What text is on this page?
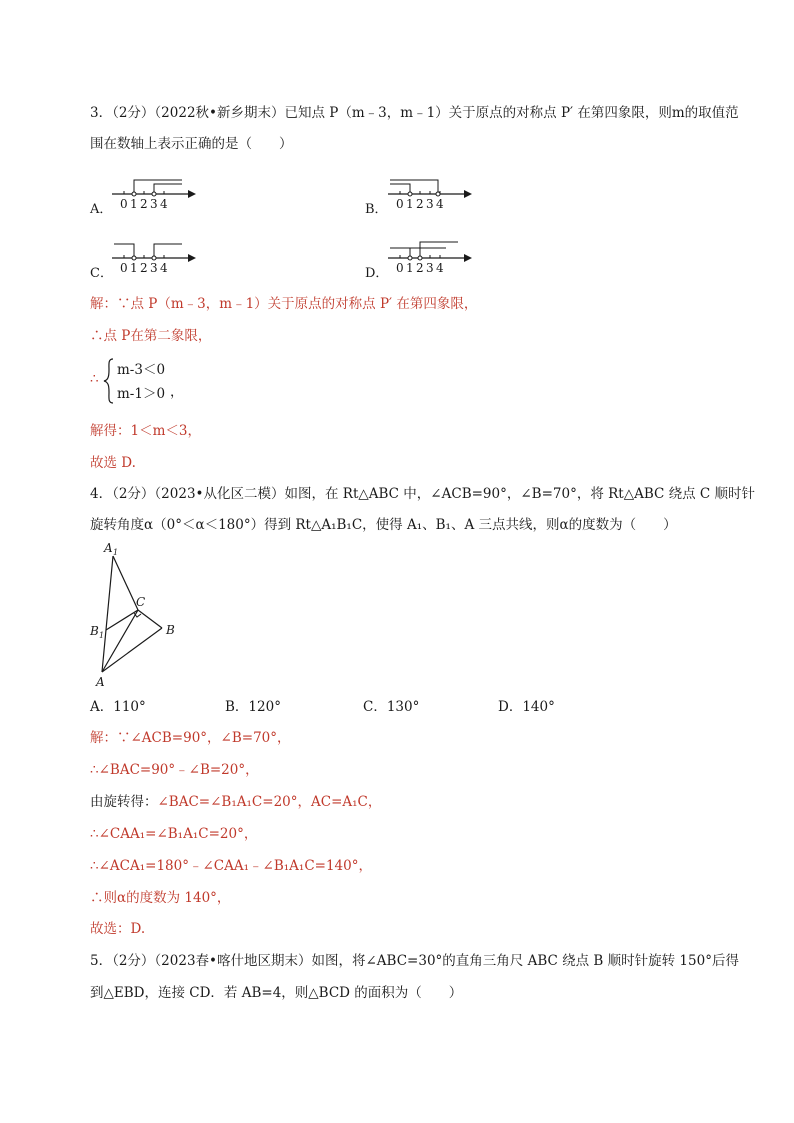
3．（2分）（2022秋•新乡期末）已知点 P（m﹣3，m﹣1）关于原点的对称点 P′ 在第四象限，则m的取值范
围在数轴上表示正确的是（　　）
A． 0 1 2 3 4	B． 0 1 2 3 4
C． 0 1 2 3 4	D． 0 1 2 3 4
解：∵点 P（m﹣3，m﹣1）关于原点的对称点 P′ 在第四象限，
∴点 P在第二象限，
∴
m-3＜0
m-1＞0 ，
解得：1＜m＜3，
故选 D.
4．（2分）（2023•从化区二模）如图，在 Rt△ABC 中，∠ACB=90°，∠B=70°，将 Rt△ABC 绕点 C 顺时针
旋转角度α（0°＜α＜180°）得到 Rt△A₁B₁C，使得 A₁、B₁、A 三点共线，则α的度数为（　　）
A 1
B 1
C
B
A
A．110°	B．120°	C．130°	D．140°
解：∵∠ACB=90°，∠B=70°，
∴∠BAC=90°﹣∠B=20°，
由旋转得：∠BAC=∠B₁A₁C=20°，AC=A₁C，
∴∠CAA₁=∠B₁A₁C=20°，
∴∠ACA₁=180°﹣∠CAA₁﹣∠B₁A₁C=140°，
∴则α的度数为 140°，
故选：D.
5．（2分）（2023春•喀什地区期末）如图，将∠ABC=30°的直角三角尺 ABC 绕点 B 顺时针旋转 150°后得
到△EBD，连接 CD．若 AB=4，则△BCD 的面积为（　　）
